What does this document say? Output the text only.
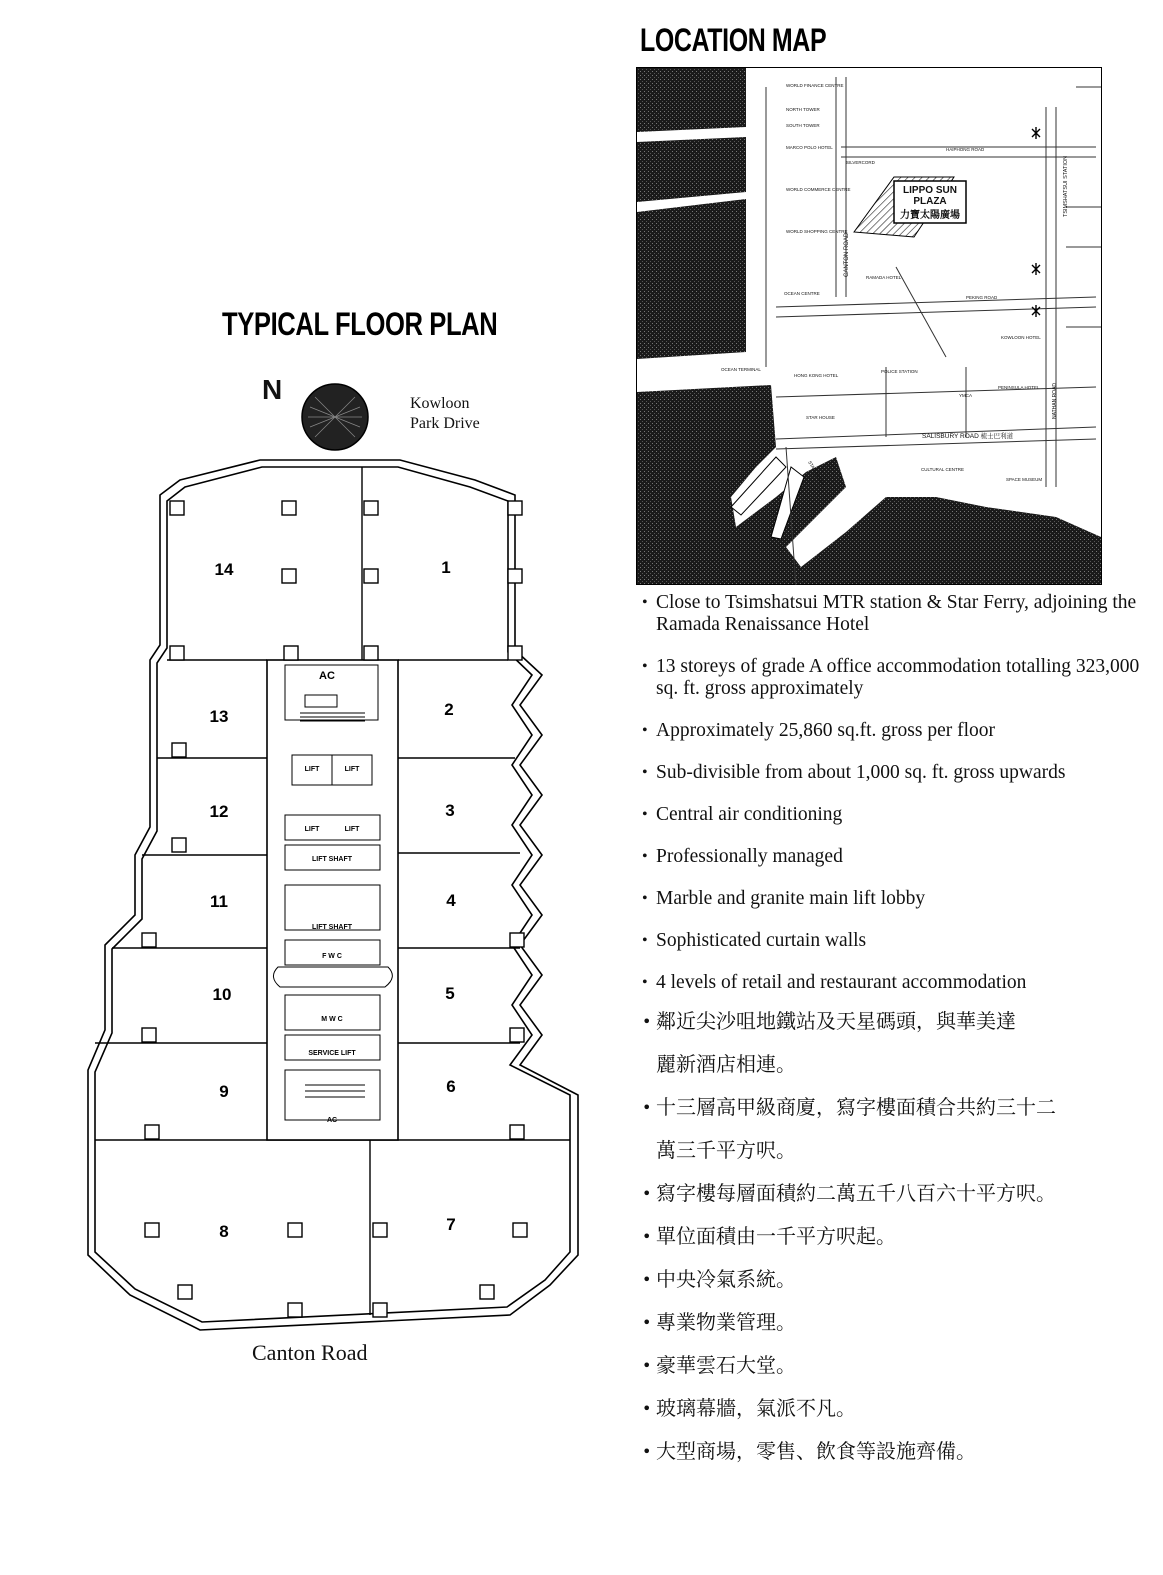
LOCATION MAP
LIPPO SUN
PLAZA
力寶太陽廣場
WORLD FINANCE CENTRE
NORTH TOWER
SOUTH TOWER
MARCO POLO HOTEL
WORLD COMMERCE CENTRE
WORLD SHOPPING CENTRE
HAIPHONG ROAD
SILVERCORD
RAMADA HOTEL
PEKING ROAD
OCEAN CENTRE
KOWLOON HOTEL
OCEAN TERMINAL
HONG KONG HOTEL
POLICE STATION
YMCA
PENINSULA HOTEL
STAR HOUSE
CULTURAL CENTRE
SPACE MUSEUM
ART MUSEUM
SALISBURY ROAD 梳士巴利道
CANTON ROAD
TSIMSHATSUI STATION
NATHAN ROAD
STAR FERRY
TYPICAL FLOOR PLAN
N	Kowloon
Park Drive
AC
LIFT	LIFT
LIFT	LIFT
LIFT SHAFT
LIFT SHAFT
F W C
M W C
SERVICE LIFT
AC
14	1
13	2
12	3
11	4
10	5
9	6
8	7
Canton Road
• Close to Tsimshatsui MTR station & Star Ferry, adjoining the Ramada Renaissance Hotel
• 13 storeys of grade A office accommodation totalling 323,000 sq. ft. gross approximately
• Approximately 25,860 sq.ft. gross per floor
• Sub-divisible from about 1,000 sq. ft. gross upwards
• Central air conditioning
• Professionally managed
• Marble and granite main lift lobby
• Sophisticated curtain walls
• 4 levels of retail and restaurant accommodation
• 鄰近尖沙咀地鐵站及天星碼頭，與華美達麗新酒店相連。
• 十三層高甲級商廈，寫字樓面積合共約三十二萬三千平方呎。
• 寫字樓每層面積約二萬五千八百六十平方呎。
• 單位面積由一千平方呎起。
• 中央冷氣系統。
• 專業物業管理。
• 豪華雲石大堂。
• 玻璃幕牆，氣派不凡。
• 大型商場，零售、飲食等設施齊備。
